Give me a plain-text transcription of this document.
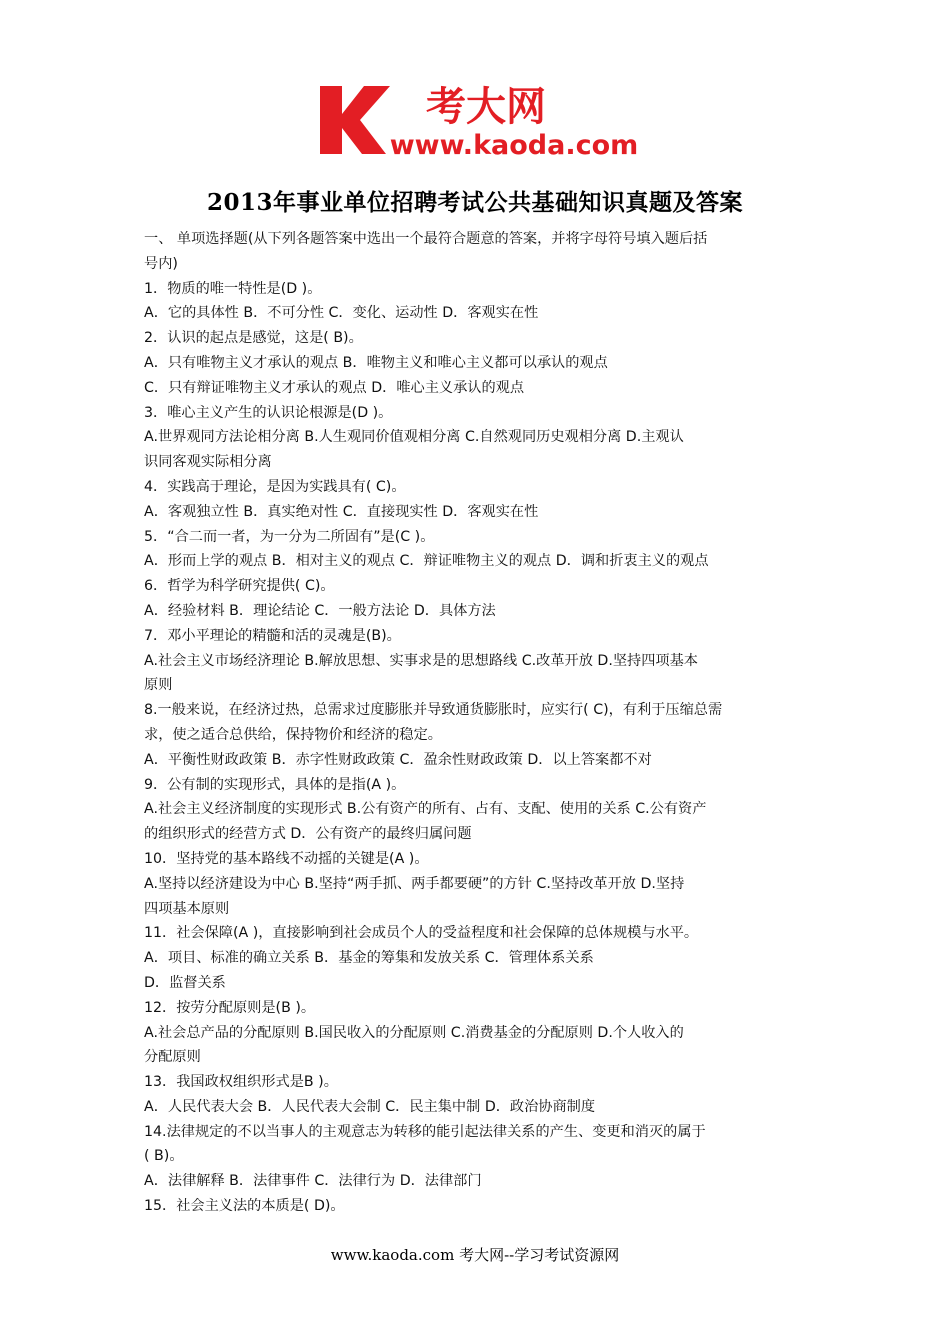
考大网
www.kaoda.com
2013年事业单位招聘考试公共基础知识真题及答案
一、 单项选择题(从下列各题答案中选出一个最符合题意的答案，并将字母符号填入题后括
号内)
1．物质的唯一特性是(D )。
A．它的具体性 B．不可分性 C．变化、运动性 D．客观实在性
2．认识的起点是感觉，这是( B)。
A．只有唯物主义才承认的观点 B．唯物主义和唯心主义都可以承认的观点
C．只有辩证唯物主义才承认的观点 D．唯心主义承认的观点
3．唯心主义产生的认识论根源是(D )。
A.世界观同方法论相分离 B.人生观同价值观相分离 C.自然观同历史观相分离 D.主观认
识同客观实际相分离
4．实践高于理论，是因为实践具有( C)。
A．客观独立性 B．真实绝对性 C．直接现实性 D．客观实在性
5．“合二而一者，为一分为二所固有”是(C )。
A．形而上学的观点 B．相对主义的观点 C．辩证唯物主义的观点 D．调和折衷主义的观点
6．哲学为科学研究提供( C)。
A．经验材料 B．理论结论 C．一般方法论 D．具体方法
7．邓小平理论的精髓和活的灵魂是(B)。
A.社会主义市场经济理论 B.解放思想、实事求是的思想路线 C.改革开放 D.坚持四项基本
原则
8.一般来说，在经济过热，总需求过度膨胀并导致通货膨胀时，应实行( C)，有利于压缩总需
求，使之适合总供给，保持物价和经济的稳定。
A．平衡性财政政策 B．赤字性财政政策 C．盈余性财政政策 D．以上答案都不对
9．公有制的实现形式，具体的是指(A )。
A.社会主义经济制度的实现形式 B.公有资产的所有、占有、支配、使用的关系 C.公有资产
的组织形式的经营方式 D．公有资产的最终归属问题
10．坚持党的基本路线不动摇的关键是(A )。
A.坚持以经济建设为中心 B.坚持“两手抓、两手都要硬”的方针 C.坚持改革开放 D.坚持
四项基本原则
11．社会保障(A )，直接影响到社会成员个人的受益程度和社会保障的总体规模与水平。
A．项目、标准的确立关系 B．基金的筹集和发放关系 C．管理体系关系
D．监督关系
12．按劳分配原则是(B )。
A.社会总产品的分配原则 B.国民收入的分配原则 C.消费基金的分配原则 D.个人收入的
分配原则
13．我国政权组织形式是B )。
A．人民代表大会 B．人民代表大会制 C．民主集中制 D．政治协商制度
14.法律规定的不以当事人的主观意志为转移的能引起法律关系的产生、变更和消灭的属于
( B)。
A．法律解释 B．法律事件 C．法律行为 D．法律部门
15．社会主义法的本质是( D)。
www.kaoda.com 考大网--学习考试资源网
